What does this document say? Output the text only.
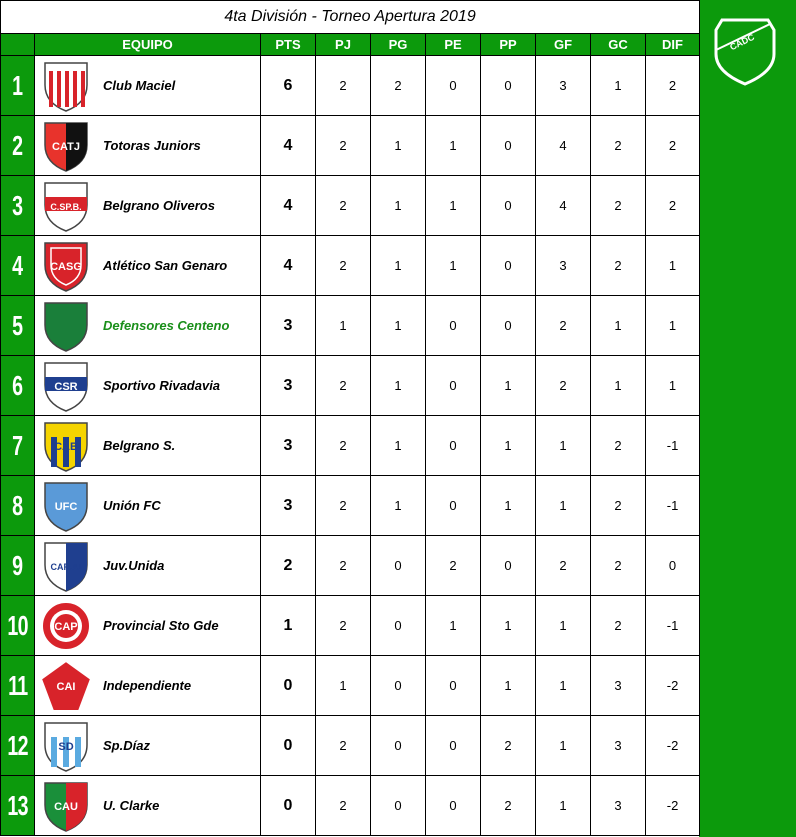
CADC
4ta División - Torneo Apertura 2019									
	EQUIPO	PTS	PJ	PG	PE	PP	GF	GC	DIF
1	Club Maciel	6	2	2	0	0	3	1	2
2	CATJ Totoras Juniors	4	2	1	1	0	4	2	2
3	C.SP.B. Belgrano Oliveros	4	2	1	1	0	4	2	2
4	CASG Atlético San Genaro	4	2	1	1	0	3	2	1
5	Defensores Centeno	3	1	1	0	0	2	1	1
6	CSR Sportivo Rivadavia	3	2	1	0	1	2	1	1
7	CAB Belgrano S.	3	2	1	0	1	1	2	-1
8	UFC Unión FC	3	2	1	0	1	1	2	-1
9	CARJU Juv.Unida	2	2	0	2	0	2	2	0
10	CAP Provincial Sto Gde	1	2	0	1	1	1	2	-1
11	CAI Independiente	0	1	0	0	1	1	3	-2
12	SD Sp.Díaz	0	2	0	0	2	1	3	-2
13	CAU U. Clarke	0	2	0	0	2	1	3	-2
